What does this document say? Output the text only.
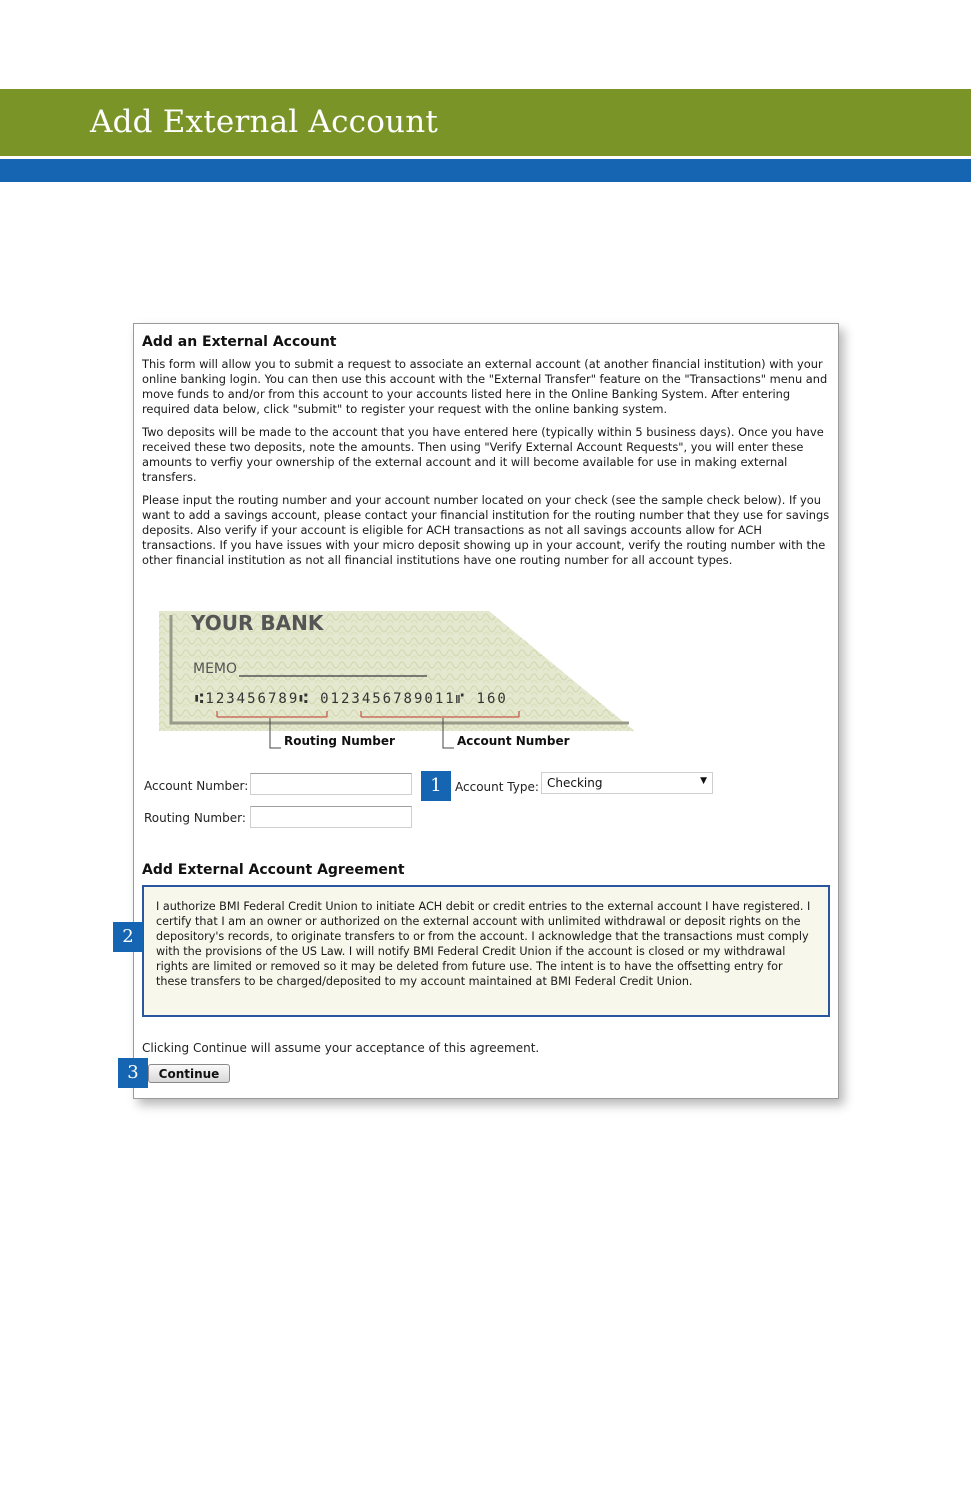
Add External Account
Add an External Account

This form will allow you to submit a request to associate an external account (at another financial institution) with your online banking login. You can then use this account with the "External Transfer" feature on the "Transactions" menu and move funds to and/or from this account to your accounts listed here in the Online Banking System. After entering required data below, click "submit" to register your request with the online banking system.

Two deposits will be made to the account that you have entered here (typically within 5 business days). Once you have received these two deposits, note the amounts. Then using "Verify External Account Requests", you will enter these amounts to verfiy your ownership of the external account and it will become available for use in making external transfers.

Please input the routing number and your account number located on your check (see the sample check below). If you want to add a savings account, please contact your financial institution for the routing number that they use for savings deposits. Also verify if your account is eligible for ACH transactions as not all savings accounts allow for ACH transactions. If you have issues with your micro deposit showing up in your account, verify the routing number with the other financial institution as not all financial institutions have one routing number for all account types.

YOUR BANK
MEMO
⑆123456789⑆ 0123456789011⑈ 160
Routing Number	Account Number
Account Number:	Account Type: Checking	▼
Routing Number:
Add External Account Agreement

I authorize BMI Federal Credit Union to initiate ACH debit or credit entries to the external account I have registered. I certify that I am an owner or authorized on the external account with unlimited withdrawal or deposit rights on the depository's records, to originate transfers to or from the account. I acknowledge that the transactions must comply with the provisions of the US Law. I will notify BMI Federal Credit Union if the account is closed or my withdrawal rights are limited or removed so it may be deleted from future use. The intent is to have the offsetting entry for these transfers to be charged/deposited to my account maintained at BMI Federal Credit Union.

Clicking Continue will assume your acceptance of this agreement.
Continue
1
2
3
